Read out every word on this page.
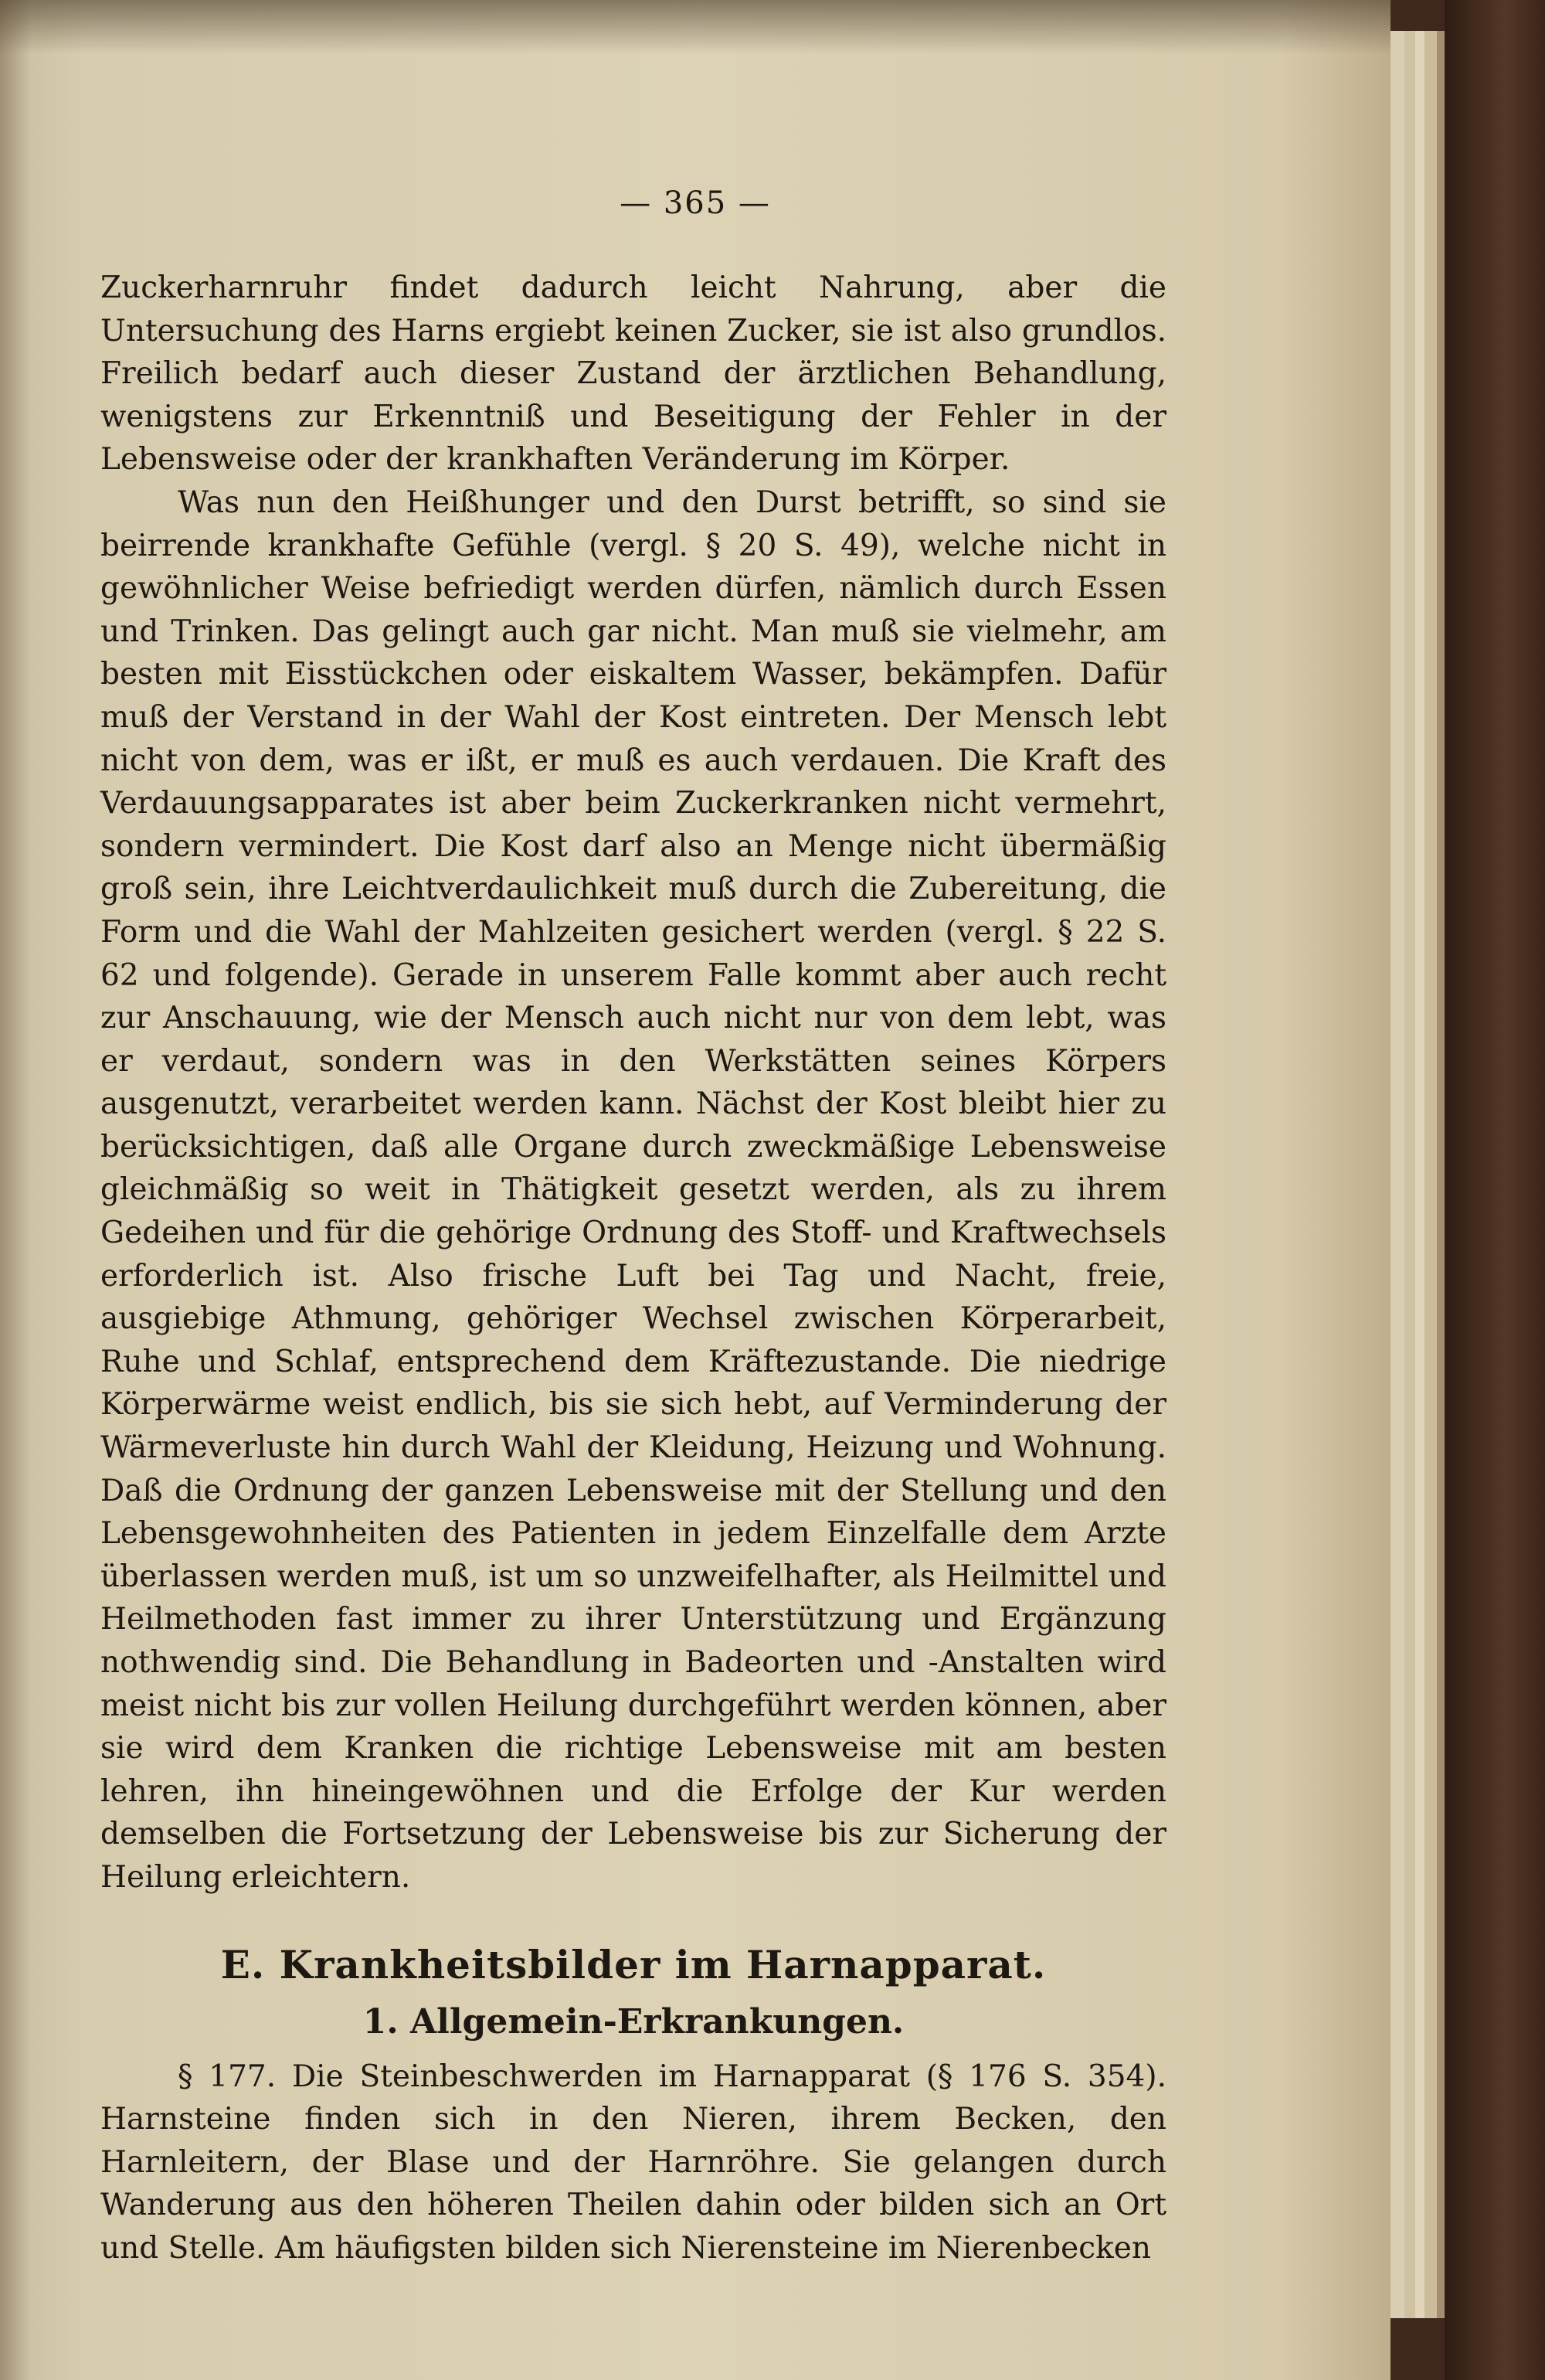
— 365 —

Zuckerharnruhr findet dadurch leicht Nahrung, aber die Untersuchung des Harns ergiebt keinen Zucker, sie ist also grundlos. Freilich bedarf auch dieser Zustand der ärztlichen Behandlung, wenigstens zur Erkenntniß und Beseitigung der Fehler in der Lebensweise oder der krankhaften Veränderung im Körper.

Was nun den Heißhunger und den Durst betrifft, so sind sie beirrende krankhafte Gefühle (vergl. § 20 S. 49), welche nicht in gewöhnlicher Weise befriedigt werden dürfen, nämlich durch Essen und Trinken. Das gelingt auch gar nicht. Man muß sie vielmehr, am besten mit Eisstückchen oder eiskaltem Wasser, bekämpfen. Dafür muß der Verstand in der Wahl der Kost eintreten. Der Mensch lebt nicht von dem, was er ißt, er muß es auch verdauen. Die Kraft des Verdauungsapparates ist aber beim Zuckerkranken nicht vermehrt, sondern vermindert. Die Kost darf also an Menge nicht übermäßig groß sein, ihre Leichtverdaulichkeit muß durch die Zubereitung, die Form und die Wahl der Mahlzeiten gesichert werden (vergl. § 22 S. 62 und folgende). Gerade in unserem Falle kommt aber auch recht zur Anschauung, wie der Mensch auch nicht nur von dem lebt, was er verdaut, sondern was in den Werkstätten seines Körpers ausgenutzt, verarbeitet werden kann. Nächst der Kost bleibt hier zu berücksichtigen, daß alle Organe durch zweckmäßige Lebensweise gleichmäßig so weit in Thätigkeit gesetzt werden, als zu ihrem Gedeihen und für die gehörige Ordnung des Stoff- und Kraftwechsels erforderlich ist. Also frische Luft bei Tag und Nacht, freie, ausgiebige Athmung, gehöriger Wechsel zwischen Körperarbeit, Ruhe und Schlaf, entsprechend dem Kräftezustande. Die niedrige Körperwärme weist endlich, bis sie sich hebt, auf Verminderung der Wärmeverluste hin durch Wahl der Kleidung, Heizung und Wohnung. Daß die Ordnung der ganzen Lebensweise mit der Stellung und den Lebensgewohnheiten des Patienten in jedem Einzelfalle dem Arzte überlassen werden muß, ist um so unzweifelhafter, als Heilmittel und Heilmethoden fast immer zu ihrer Unterstützung und Ergänzung nothwendig sind. Die Behandlung in Badeorten und -Anstalten wird meist nicht bis zur vollen Heilung durchgeführt werden können, aber sie wird dem Kranken die richtige Lebensweise mit am besten lehren, ihn hineingewöhnen und die Erfolge der Kur werden demselben die Fortsetzung der Lebensweise bis zur Sicherung der Heilung erleichtern.

E. Krankheitsbilder im Harnapparat.
1. Allgemein-Erkrankungen.

§ 177. Die Steinbeschwerden im Harnapparat (§ 176 S. 354). Harnsteine finden sich in den Nieren, ihrem Becken, den Harnleitern, der Blase und der Harnröhre. Sie gelangen durch Wanderung aus den höheren Theilen dahin oder bilden sich an Ort und Stelle. Am häufigsten bilden sich Nierensteine im Nierenbecken
